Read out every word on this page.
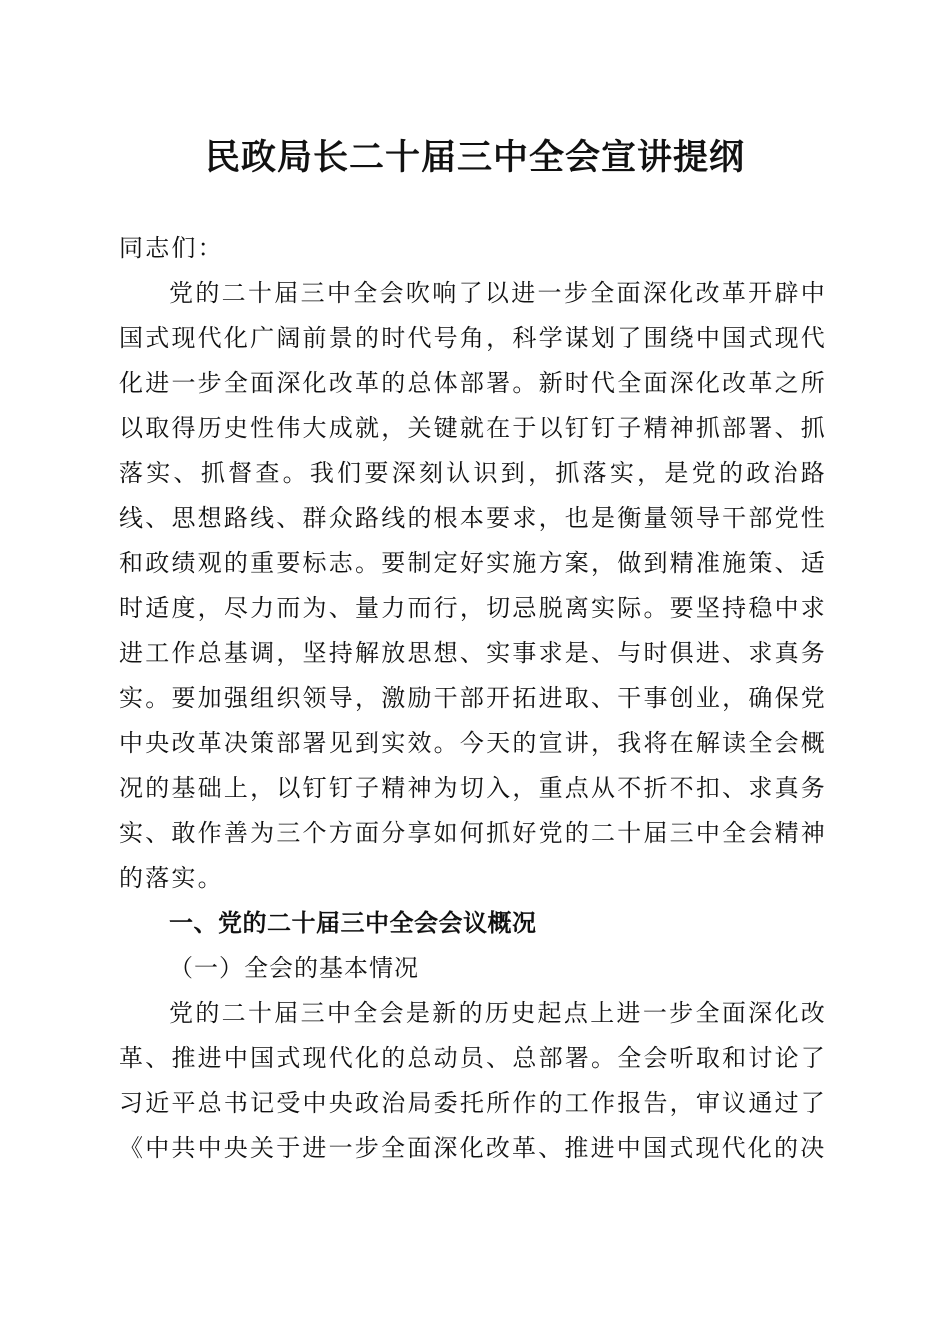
民政局长二十届三中全会宣讲提纲

同志们：

党的二十届三中全会吹响了以进一步全面深化改革开辟中国式现代化广阔前景的时代号角，科学谋划了围绕中国式现代化进一步全面深化改革的总体部署。新时代全面深化改革之所以取得历史性伟大成就，关键就在于以钉钉子精神抓部署、抓落实、抓督查。我们要深刻认识到，抓落实，是党的政治路线、思想路线、群众路线的根本要求，也是衡量领导干部党性和政绩观的重要标志。要制定好实施方案，做到精准施策、适时适度，尽力而为、量力而行，切忌脱离实际。要坚持稳中求进工作总基调，坚持解放思想、实事求是、与时俱进、求真务实。要加强组织领导，激励干部开拓进取、干事创业，确保党中央改革决策部署见到实效。今天的宣讲，我将在解读全会概况的基础上，以钉钉子精神为切入，重点从不折不扣、求真务实、敢作善为三个方面分享如何抓好党的二十届三中全会精神的落实。

一、党的二十届三中全会会议概况

（一）全会的基本情况

党的二十届三中全会是新的历史起点上进一步全面深化改革、推进中国式现代化的总动员、总部署。全会听取和讨论了习近平总书记受中央政治局委托所作的工作报告，审议通过了《中共中央关于进一步全面深化改革、推进中国式现代化的决
